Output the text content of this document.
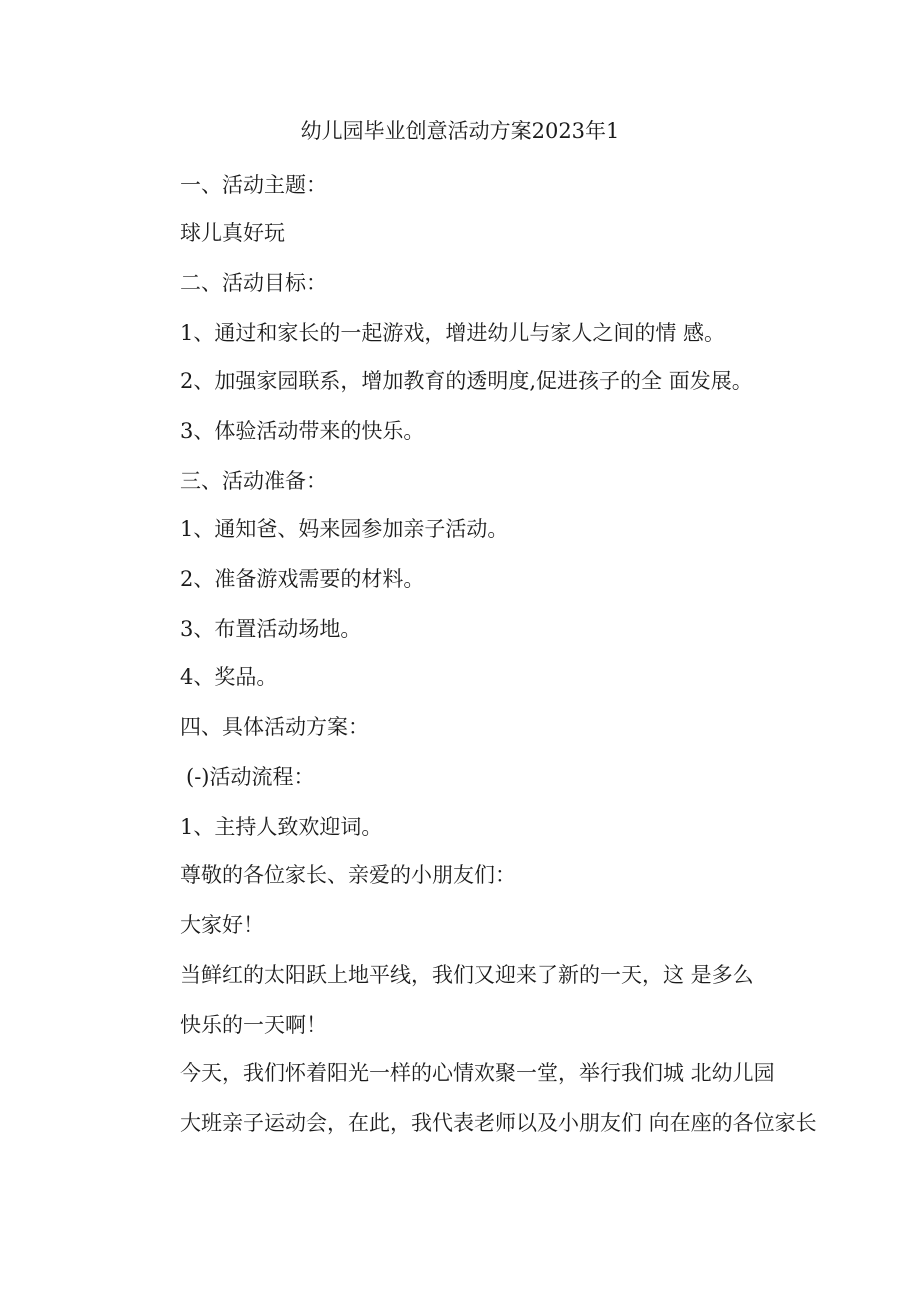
幼儿园毕业创意活动方案2023年1
一、活动主题：
球儿真好玩
二、活动目标：
1、通过和家长的一起游戏，增进幼儿与家人之间的情 感。
2、加强家园联系，增加教育的透明度,促进孩子的全 面发展。
3、体验活动带来的快乐。
三、活动准备：
1、通知爸、妈来园参加亲子活动。
2、准备游戏需要的材料。
3、布置活动场地。
4、奖品。
四、具体活动方案：
(-)活动流程：
1、主持人致欢迎词。
尊敬的各位家长、亲爱的小朋友们：
大家好！
当鲜红的太阳跃上地平线，我们又迎来了新的一天，这 是多么
快乐的一天啊！
今天，我们怀着阳光一样的心情欢聚一堂，举行我们城 北幼儿园
大班亲子运动会，在此，我代表老师以及小朋友们 向在座的各位家长
